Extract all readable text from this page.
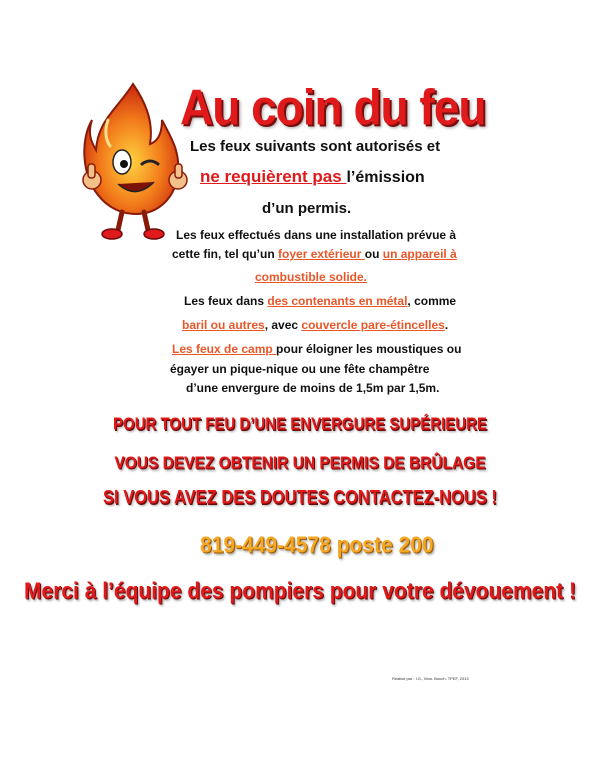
Au coin du feu
Les feux suivants sont autorisés et
ne requièrent pas l’émission
d’un permis.
Les feux effectués dans une installation prévue à
cette fin, tel qu’un foyer extérieur ou un appareil à
combustible solide.
Les feux dans des contenants en métal, comme
baril ou autres, avec couvercle pare-étincelles.
Les feux de camp pour éloigner les moustiques ou
égayer un pique-nique ou une fête champêtre
d’une envergure de moins de 1,5m par 1,5m.
POUR TOUT FEU D’UNE ENVERGURE SUPÉRIEURE
VOUS DEVEZ OBTENIR UN PERMIS DE BRÛLAGE
SI VOUS AVEZ DES DOUTES CONTACTEZ-NOUS !
819-449-4578 poste 200
Merci à l’équipe des pompiers pour votre dévouement !
Réalisé par : I.G., Mun. Bouch. TPEF, 2013
